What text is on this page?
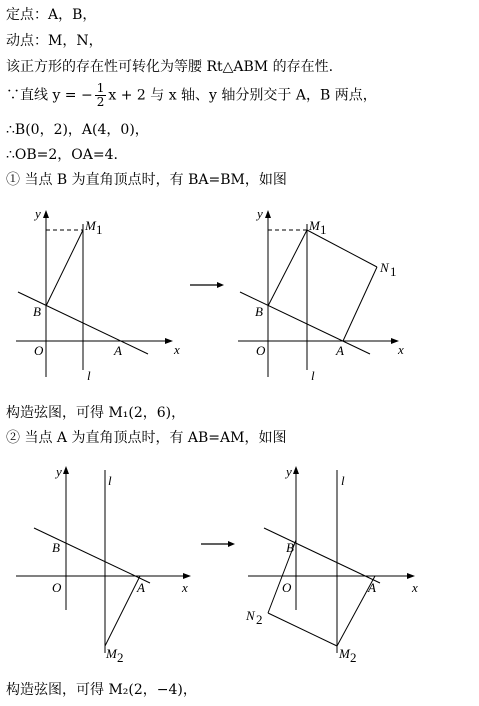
定点：A，B，
动点：M，N，
该正方形的存在性可转化为等腰 Rt△ABM 的存在性.
∵直线 y = − $\frac{1}{2}$ x + 2 与 x 轴、y 轴分别交于 A，B 两点，
∴B(0，2)，A(4，0)，
∴OB=2，OA=4.
① 当点 B 为直角顶点时，有 BA=BM，如图
y
x
O	A
B
l
M 1
y
x
O	A
B
l
M 1
N 1
构造弦图，可得 M₁(2，6)，
② 当点 A 为直角顶点时，有 AB=AM，如图
y
x
O	A
B
l
M 2
y
x
O	A
B
l
M 2
N 2
构造弦图，可得 M₂(2，−4)，
